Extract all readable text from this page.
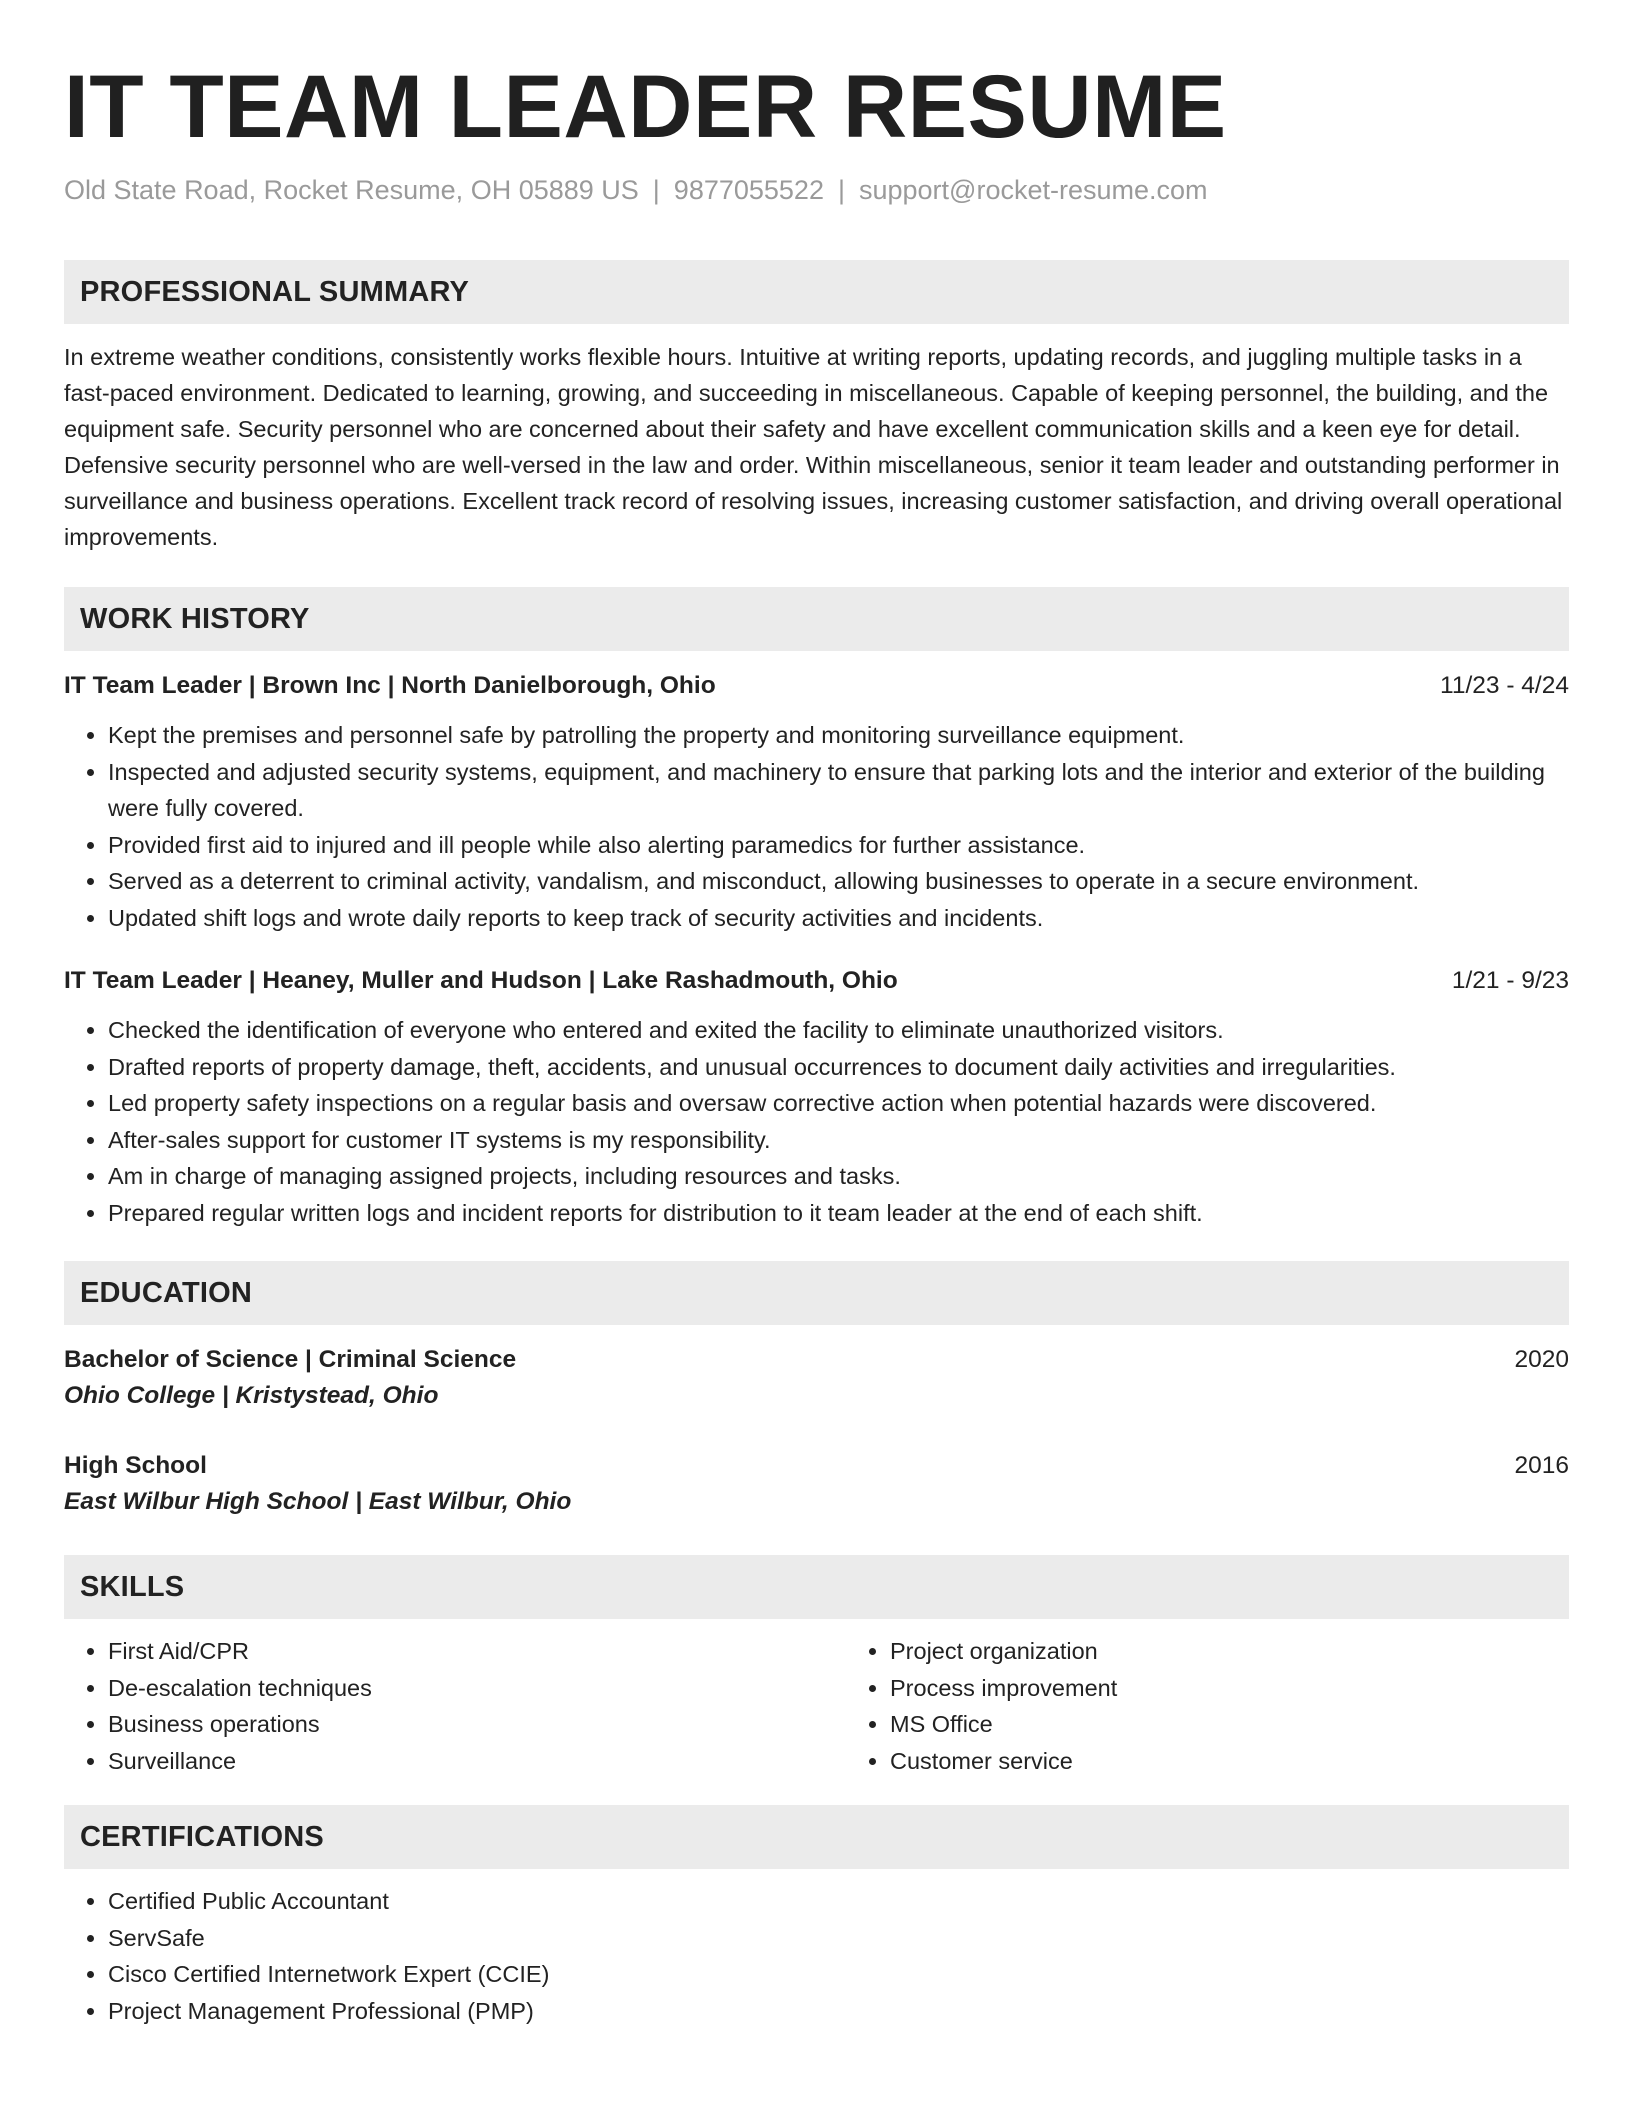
IT TEAM LEADER RESUME
Old State Road, Rocket Resume, OH 05889 US | 9877055522 | support@rocket-resume.com
PROFESSIONAL SUMMARY

In extreme weather conditions, consistently works flexible hours. Intuitive at writing reports, updating records, and juggling multiple tasks in a fast-paced environment. Dedicated to learning, growing, and succeeding in miscellaneous. Capable of keeping personnel, the building, and the equipment safe. Security personnel who are concerned about their safety and have excellent communication skills and a keen eye for detail. Defensive security personnel who are well-versed in the law and order. Within miscellaneous, senior it team leader and outstanding performer in surveillance and business operations. Excellent track record of resolving issues, increasing customer satisfaction, and driving overall operational improvements.

WORK HISTORY
IT Team Leader | Brown Inc | North Danielborough, Ohio	11/23 - 4/24
• Kept the premises and personnel safe by patrolling the property and monitoring surveillance equipment.
• Inspected and adjusted security systems, equipment, and machinery to ensure that parking lots and the interior and exterior of the building were fully covered.
• Provided first aid to injured and ill people while also alerting paramedics for further assistance.
• Served as a deterrent to criminal activity, vandalism, and misconduct, allowing businesses to operate in a secure environment.
• Updated shift logs and wrote daily reports to keep track of security activities and incidents.
IT Team Leader | Heaney, Muller and Hudson | Lake Rashadmouth, Ohio	1/21 - 9/23
• Checked the identification of everyone who entered and exited the facility to eliminate unauthorized visitors.
• Drafted reports of property damage, theft, accidents, and unusual occurrences to document daily activities and irregularities.
• Led property safety inspections on a regular basis and oversaw corrective action when potential hazards were discovered.
• After-sales support for customer IT systems is my responsibility.
• Am in charge of managing assigned projects, including resources and tasks.
• Prepared regular written logs and incident reports for distribution to it team leader at the end of each shift.
EDUCATION
Bachelor of Science | Criminal Science	2020
Ohio College | Kristystead, Ohio
High School	2016
East Wilbur High School | East Wilbur, Ohio
SKILLS
• First Aid/CPR
• De-escalation techniques
• Business operations
• Surveillance
• Project organization
• Process improvement
• MS Office
• Customer service
CERTIFICATIONS
• Certified Public Accountant
• ServSafe
• Cisco Certified Internetwork Expert (CCIE)
• Project Management Professional (PMP)
